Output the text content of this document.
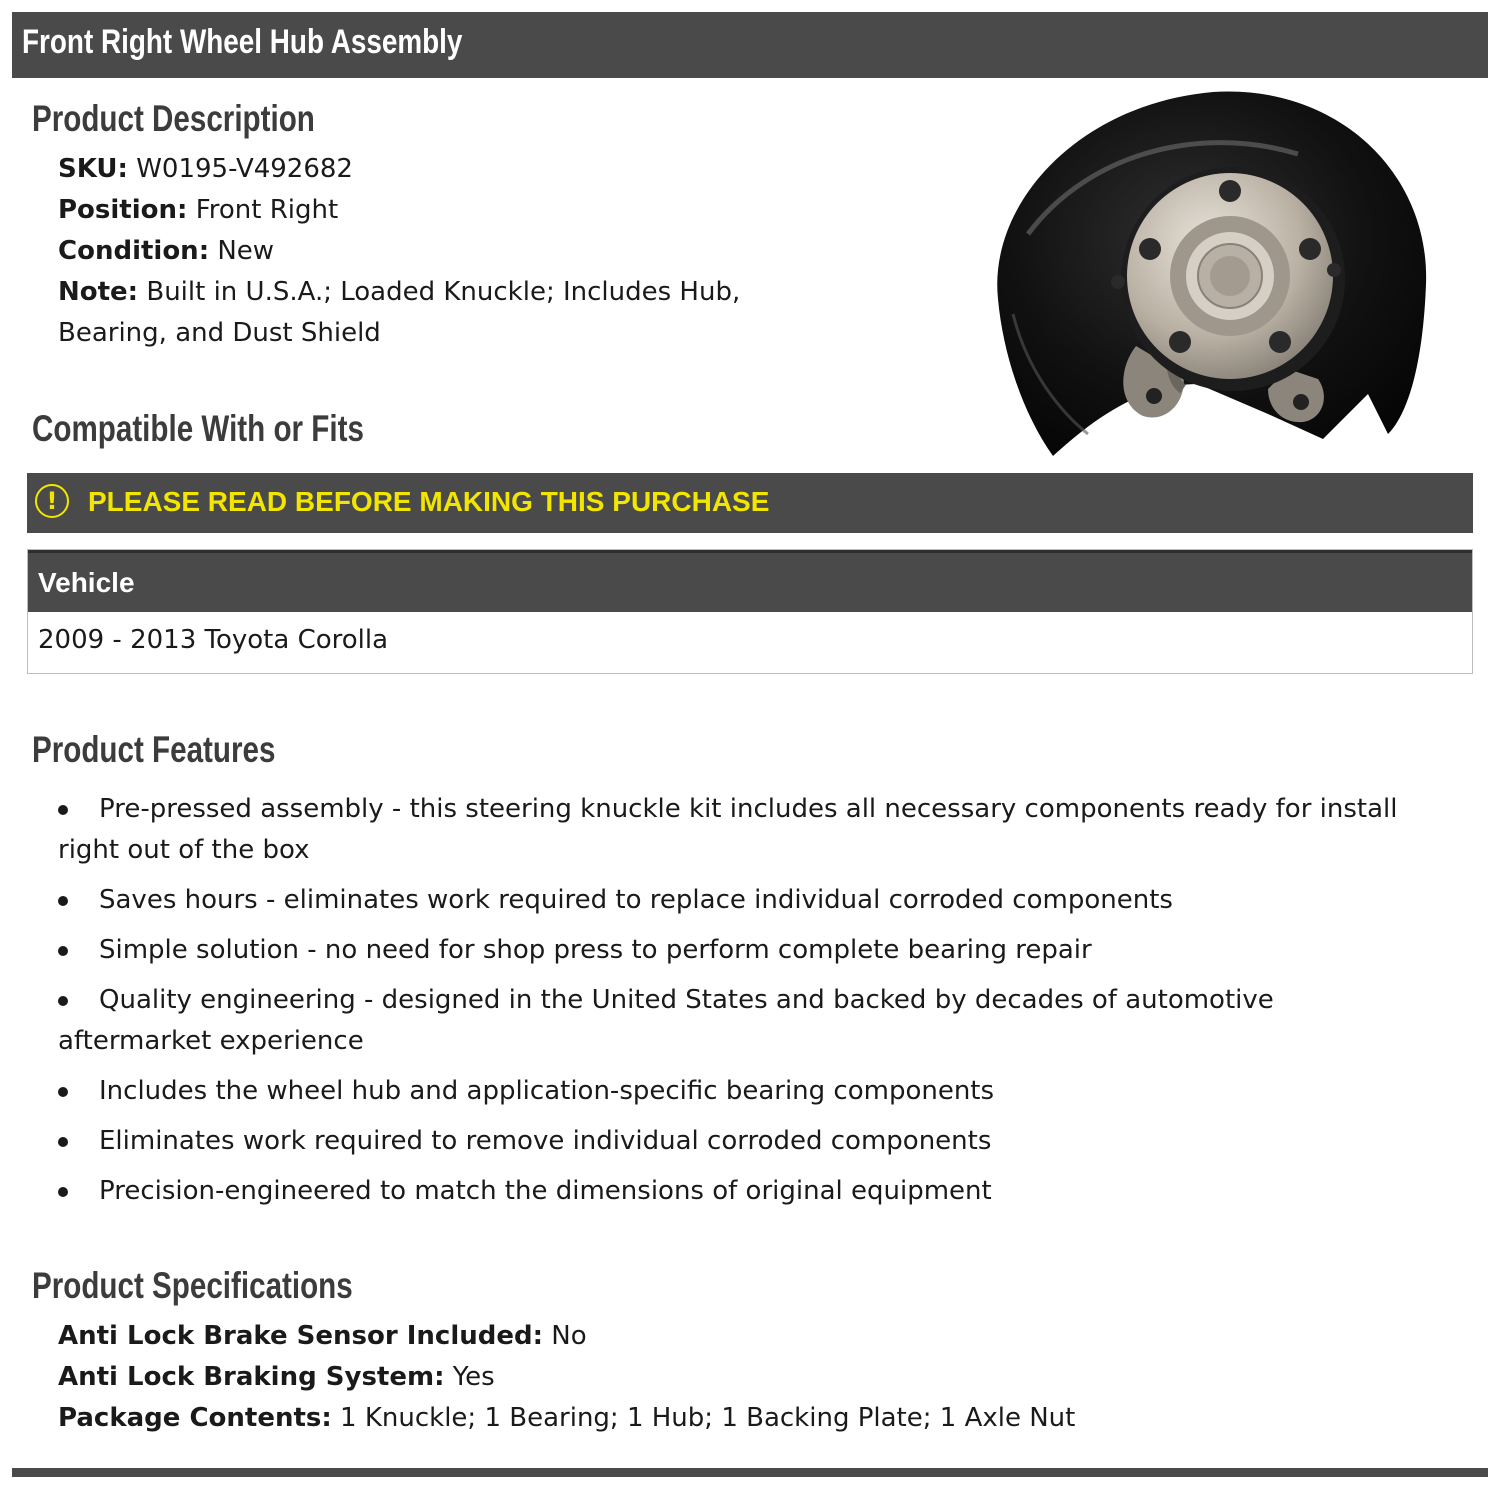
Front Right Wheel Hub Assembly
Product Description
SKU: W0195-V492682
Position: Front Right
Condition: New
Note: Built in U.S.A.; Loaded Knuckle; Includes Hub,
Bearing, and Dust Shield
Compatible With or Fits
!	PLEASE READ BEFORE MAKING THIS PURCHASE
Vehicle
2009 - 2013 Toyota Corolla
Product Features
Pre-pressed assembly - this steering knuckle kit includes all necessary components ready for install
right out of the box
Saves hours - eliminates work required to replace individual corroded components
Simple solution - no need for shop press to perform complete bearing repair
Quality engineering - designed in the United States and backed by decades of automotive
aftermarket experience
Includes the wheel hub and application-specific bearing components
Eliminates work required to remove individual corroded components
Precision-engineered to match the dimensions of original equipment
Product Specifications
Anti Lock Brake Sensor Included: No
Anti Lock Braking System: Yes
Package Contents: 1 Knuckle; 1 Bearing; 1 Hub; 1 Backing Plate; 1 Axle Nut
